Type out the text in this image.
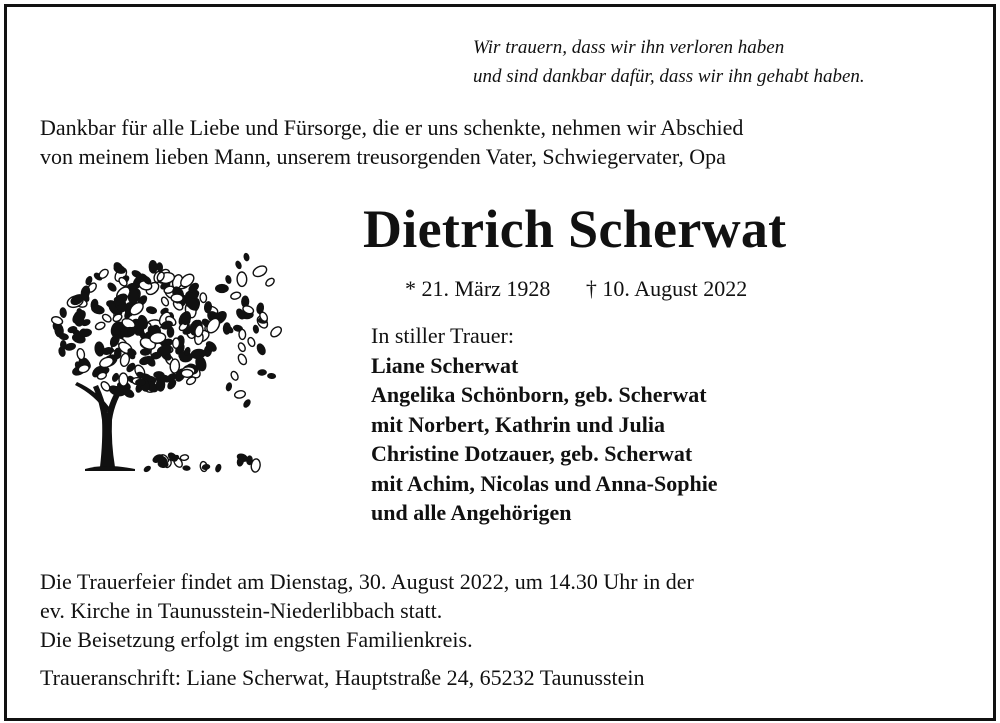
Wir trauern, dass wir ihn verloren haben
und sind dankbar dafür, dass wir ihn gehabt haben.
Dankbar für alle Liebe und Fürsorge, die er uns schenkte, nehmen wir Abschied
von meinem lieben Mann, unserem treusorgenden Vater, Schwiegervater, Opa
Dietrich Scherwat
* 21. März 1928 † 10. August 2022
In stiller Trauer:
Liane Scherwat
Angelika Schönborn, geb. Scherwat
mit Norbert, Kathrin und Julia
Christine Dotzauer, geb. Scherwat
mit Achim, Nicolas und Anna-Sophie
und alle Angehörigen
Die Trauerfeier findet am Dienstag, 30. August 2022, um 14.30 Uhr in der
ev. Kirche in Taunusstein-Niederlibbach statt.
Die Beisetzung erfolgt im engsten Familienkreis.
Traueranschrift: Liane Scherwat, Hauptstraße 24, 65232 Taunusstein
